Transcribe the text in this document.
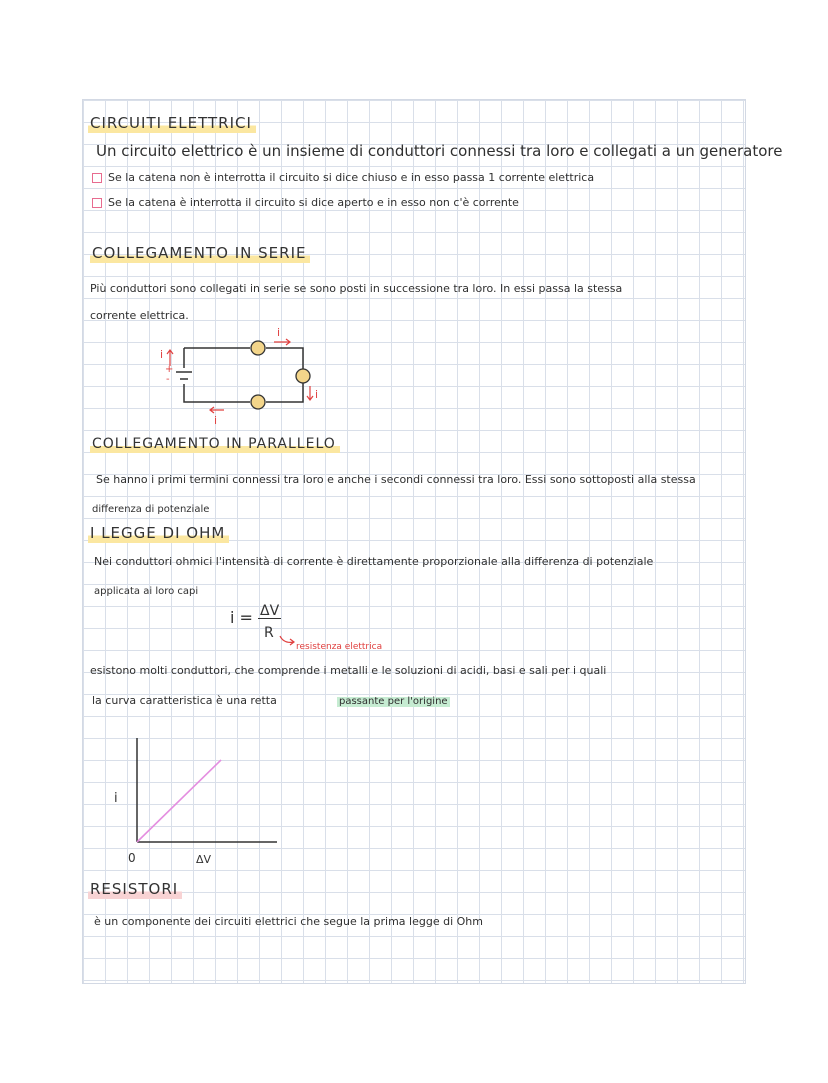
CIRCUITI ELETTRICI
Un circuito elettrico è un insieme di conduttori connessi tra loro e collegati a un generatore
Se la catena non è interrotta il circuito si dice chiuso e in esso passa 1 corrente elettrica
Se la catena è interrotta il circuito si dice aperto e in esso non c'è corrente
COLLEGAMENTO IN SERIE
Più conduttori sono collegati in serie se sono posti in successione tra loro. In essi passa la stessa
corrente elettrica.
i
i
+
-
i
i
COLLEGAMENTO IN PARALLELO
Se hanno i primi termini connessi tra loro e anche i secondi connessi tra loro. Essi sono sottoposti alla stessa
differenza di potenziale
I LEGGE DI OHM
Nei conduttori ohmici l'intensità di corrente è direttamente proporzionale alla differenza di potenziale
applicata ai loro capi
i = ΔV
R
resistenza elettrica
esistono molti conduttori, che comprende i metalli e le soluzioni di acidi, basi e sali per i quali
la curva caratteristica è una retta	passante per l'origine
i
0	ΔV
RESISTORI
è un componente dei circuiti elettrici che segue la prima legge di Ohm
